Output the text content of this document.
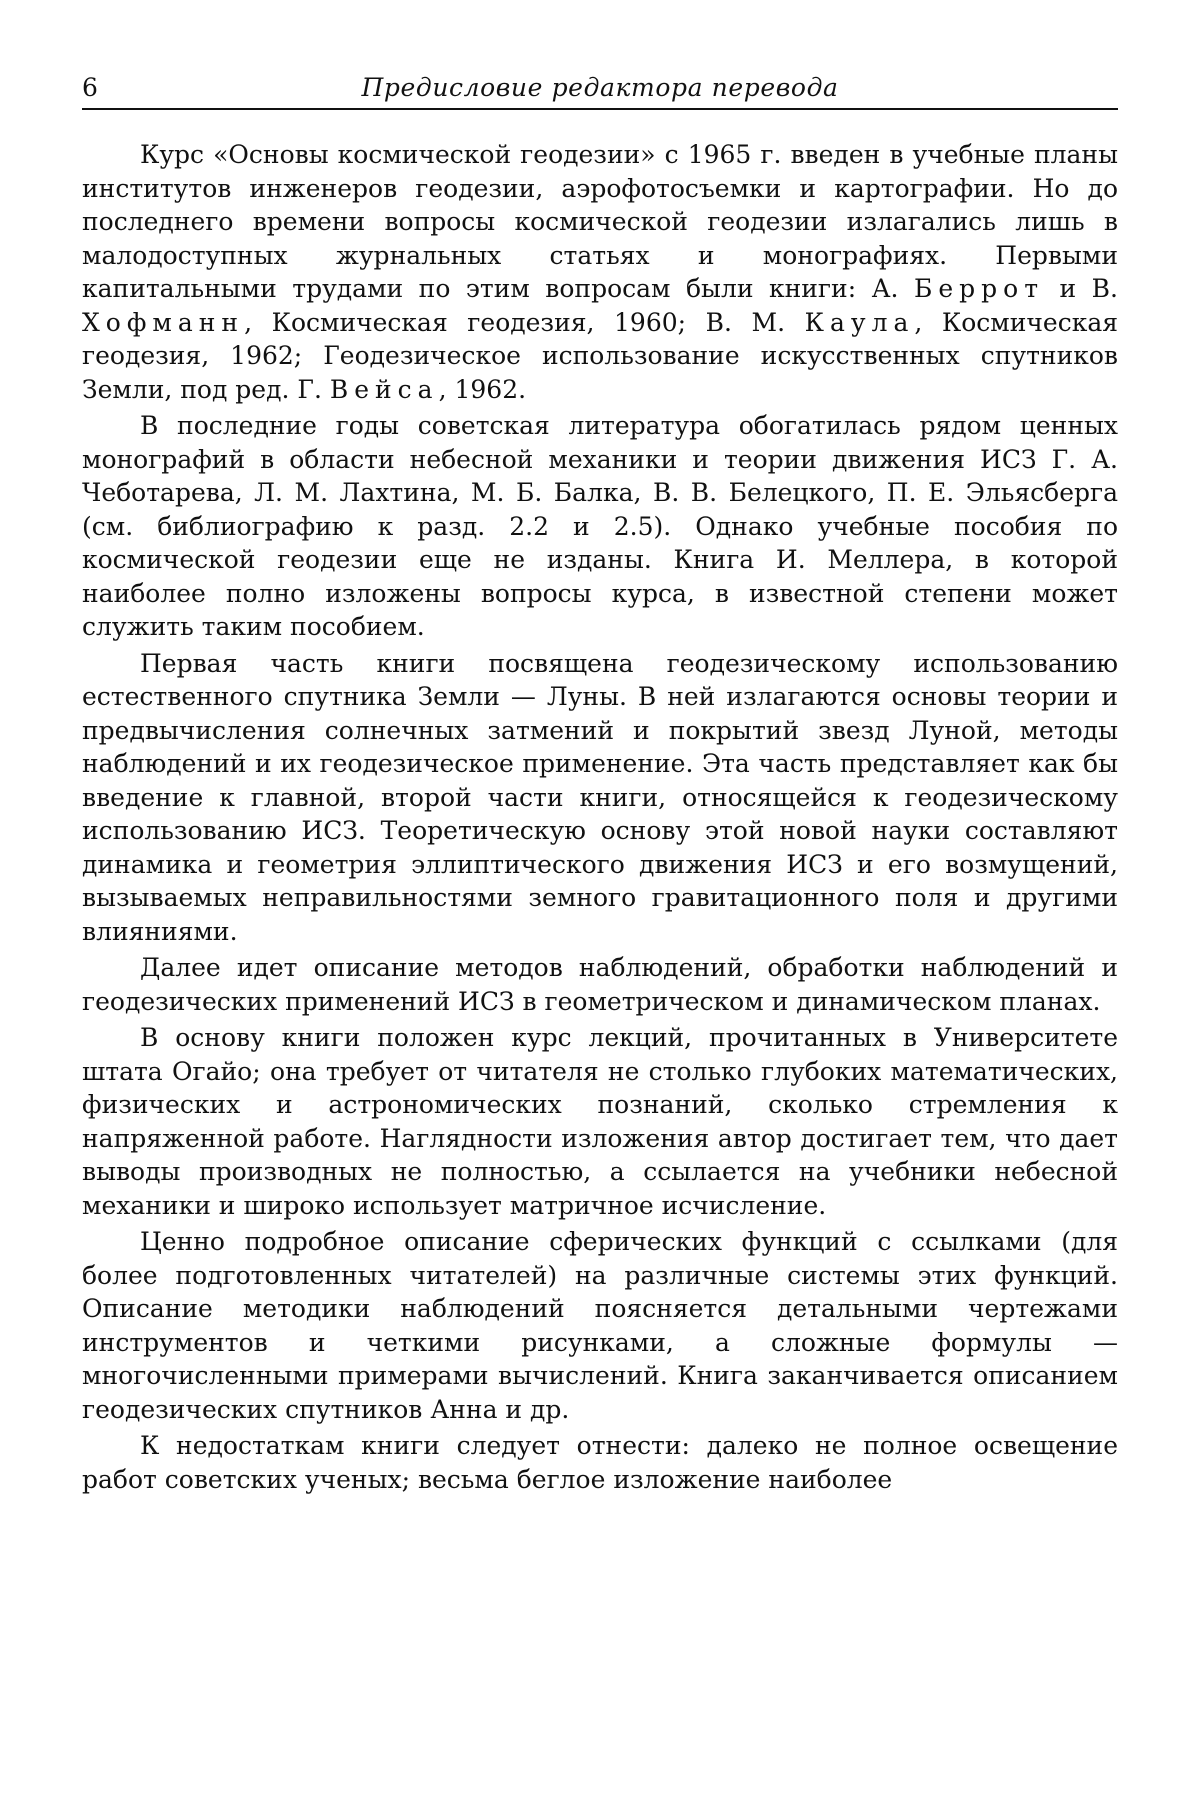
6	Предисловие редактора перевода

Курс «Основы космической геодезии» с 1965 г. введен в учебные планы институтов инженеров геодезии, аэрофотосъемки и картографии. Но до последнего времени вопросы космической геодезии излагались лишь в малодоступных журнальных статьях и монографиях. Первыми капитальными трудами по этим вопросам были книги: А. Беррот и В. Хофманн, Космическая геодезия, 1960; В. М. Каула, Космическая геодезия, 1962; Геодезическое использование искусственных спутников Земли, под ред. Г. Вейса, 1962.

В последние годы советская литература обогатилась рядом ценных монографий в области небесной механики и теории движения ИСЗ Г. А. Чеботарева, Л. М. Лахтина, М. Б. Балка, В. В. Белецкого, П. Е. Эльясберга (см. библиографию к разд. 2.2 и 2.5). Однако учебные пособия по космической геодезии еще не изданы. Книга И. Меллера, в которой наиболее полно изложены вопросы курса, в известной степени может служить таким пособием.

Первая часть книги посвящена геодезическому использованию естественного спутника Земли — Луны. В ней излагаются основы теории и предвычисления солнечных затмений и покрытий звезд Луной, методы наблюдений и их геодезическое применение. Эта часть представляет как бы введение к главной, второй части книги, относящейся к геодезическому использованию ИСЗ. Теоретическую основу этой новой науки составляют динамика и геометрия эллиптического движения ИСЗ и его возмущений, вызываемых неправильностями земного гравитационного поля и другими влияниями.

Далее идет описание методов наблюдений, обработки наблюдений и геодезических применений ИСЗ в геометрическом и динамическом планах.

В основу книги положен курс лекций, прочитанных в Университете штата Огайо; она требует от читателя не столько глубоких математических, физических и астрономических познаний, сколько стремления к напряженной работе. Наглядности изложения автор достигает тем, что дает выводы производных не полностью, а ссылается на учебники небесной механики и широко использует матричное исчисление.

Ценно подробное описание сферических функций с ссылками (для более подготовленных читателей) на различные системы этих функций. Описание методики наблюдений поясняется детальными чертежами инструментов и четкими рисунками, а сложные формулы — многочисленными примерами вычислений. Книга заканчивается описанием геодезических спутников Анна и др.

К недостаткам книги следует отнести: далеко не полное освещение работ советских ученых; весьма беглое изложение наиболее
